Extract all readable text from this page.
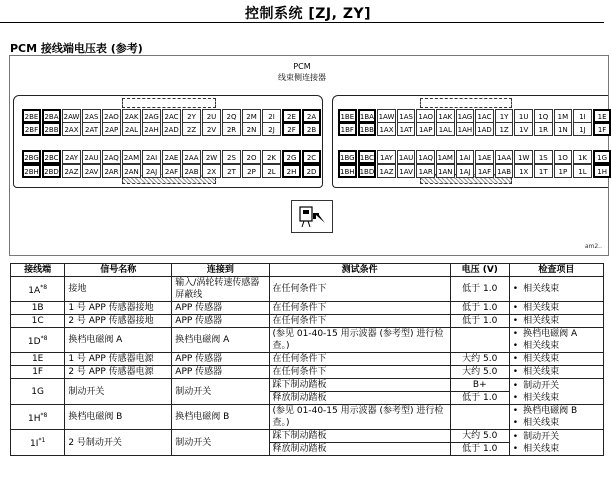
控制系统 [ZJ, ZY]
PCM 接线端电压表 (参考)
PCM
线束侧连接器
am2..
2BE 2BA 2AW 2AS 2AO 2AK 2AG 2AC	2Y	2U	2Q	2M	2I	2E	2A
2BF 2BB 2AX 2AT 2AP 2AL 2AH 2AD	2Z	2V	2R	2N	2J	2F	2B
2BG 2BC 2AY 2AU 2AQ 2AM 2AI	2AE 2AA	2W	2S	2O	2K	2G	2C
2BH 2BD 2AZ 2AV 2AR 2AN	2AJ	2AF 2AB	2X	2T	2P	2L	2H	2D
1BE 1BA 1AW 1AS 1AO 1AK 1AG 1AC	1Y	1U	1Q	1M	1I	1E
1BF 1BB 1AX 1AT 1AP 1AL 1AH 1AD	1Z	1V	1R	1N	1J	1F
1BG 1BC 1AY 1AU 1AQ 1AM 1AI	1AE 1AA 1W	1S	1O	1K	1G
1BH 1BD 1AZ 1AV 1AR 1AN 1AJ	1AF 1AB	1X	1T	1P	1L	1H
接线端	信号名称	连接到	测试条件	电压 (V)	检查项目
$1A^{*8}$	接地	输入/涡轮转速传感器屏蔽线	在任何条件下	低于 1.0	• 相关线束

1B	1 号 APP 传感器接地	APP 传感器	在任何条件下	低于 1.0	• 相关线束

1C	2 号 APP 传感器接地	APP 传感器	在任何条件下	低于 1.0	• 相关线束

$1D^{*8}$	换档电磁阀 A	换档电磁阀 A	(参见 01-40-15 用示波器 (参考型) 进行检查。)		• 换档电磁阀 A
• 相关线束

1E	1 号 APP 传感器电源	APP 传感器	在任何条件下	大约 5.0	• 相关线束

1F	2 号 APP 传感器电源	APP 传感器	在任何条件下	大约 5.0	• 相关线束

1G	制动开关	制动开关	踩下制动踏板	B+	• 制动开关
• 相关线束

			释放制动踏板	低于 1.0	
$1H^{*8}$	换档电磁阀 B	换档电磁阀 B	(参见 01-40-15 用示波器 (参考型) 进行检查。)		• 换档电磁阀 B
• 相关线束

$1I^{*1}$	2 号制动开关	制动开关	踩下制动踏板	大约 5.0	• 制动开关
• 相关线束

			释放制动踏板	低于 1.0	
